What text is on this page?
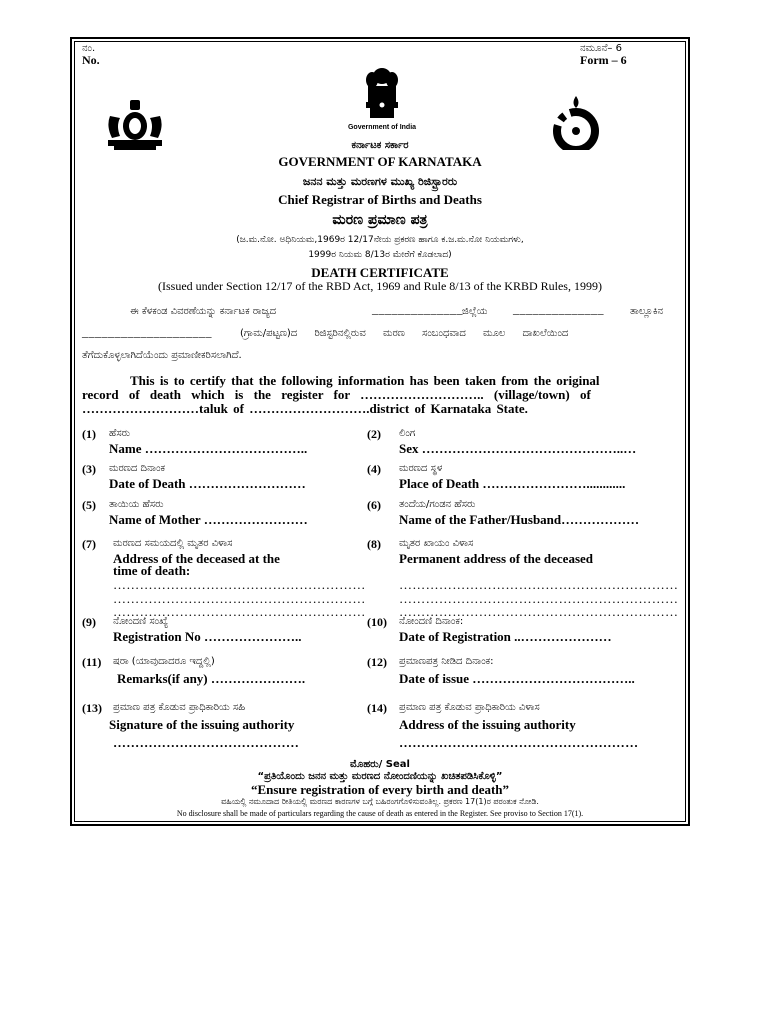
ನಂ.
No.
ನಮೂನೆ– 6
Form – 6
Government of India
ಕರ್ನಾಟಕ ಸರ್ಕಾರ
GOVERNMENT OF KARNATAKA
ಜನನ ಮತ್ತು ಮರಣಗಳ ಮುಖ್ಯ ರಿಜಿಸ್ಟ್ರಾರರು
Chief Registrar of Births and Deaths
ಮರಣ ಪ್ರಮಾಣ ಪತ್ರ
(ಜ.ಮ.ನೋ. ಅಧಿನಿಯಮ,1969ರ 12/17ನೇಯ ಪ್ರಕರಣ ಹಾಗೂ ಕ.ಜ.ಮ.ನೋ ನಿಯಮಗಳು,
1999ರ ನಿಯಮ 8/13ರ ಮೇರೆಗೆ ಕೊಡಲಾದ)
DEATH CERTIFICATE
(Issued under Section 12/17 of the RBD Act, 1969 and Rule 8/13 of the KRBD Rules, 1999)
ಈ ಕೆಳಕಂಡ ವಿವರಣೆಯನ್ನು ಕರ್ನಾಟಕ ರಾಜ್ಯದ	______________ ಜಿಲ್ಲೆಯ ______________	ತಾಲ್ಲೂಕಿನ
____________________	(ಗ್ರಾಮ/ಪಟ್ಟಣ)ದ ರಿಜಿಸ್ಟರಿನಲ್ಲಿರುವ ಮರಣ ಸಂಬಂಧವಾದ ಮೂಲ ದಾಖಲೆಯಿಂದ
ತೆಗೆದುಕೊಳ್ಳಲಾಗಿದೆಯೆಂದು ಪ್ರಮಾಣೀಕರಿಸಲಾಗಿದೆ.
This is to certify that the following information has been taken from the original
record of death which is the register for ……………………….. (village/town) of
………………………taluk of ……………………….district of Karnataka State.
(1) ಹೆಸರು
Name ………………………………..
(2) ಲಿಂಗ
Sex ………………………………………..…
(3) ಮರಣದ ದಿನಾಂಕ
Date of Death ………………………
(4) ಮರಣದ ಸ್ಥಳ
Place of Death ……………………............
(5) ತಾಯಿಯ ಹೆಸರು
Name of Mother ……………………
(6) ತಂದೆಯ/ಗಂಡನ ಹೆಸರು
Name of the Father/Husband………………
(7) ಮರಣದ ಸಮಯದಲ್ಲಿ ಮೃತರ ವಿಳಾಸ
Address of the deceased at the
time of death:
(8) ಮೃತರ ಖಾಯಂ ವಿಳಾಸ
Permanent address of the deceased
…………………………………………………
…………………………………………………
…………………………………………………
………………………………………………………
………………………………………………………
………………………………………………………
(9) ನೋಂದಣಿ ಸಂಖ್ಯೆ
Registration No …………………..
(10) ನೋಂದಣಿ ದಿನಾಂಕ:
Date of Registration ..…………………
(11) ಷರಾ (ಯಾವುದಾದರೂ ಇದ್ದಲ್ಲಿ)
Remarks(if any) ………………….
(12) ಪ್ರಮಾಣಪತ್ರ ನೀಡಿದ ದಿನಾಂಕ:
Date of issue ………………………………..
(13) ಪ್ರಮಾಣ ಪತ್ರ ಕೊಡುವ ಪ್ರಾಧಿಕಾರಿಯ ಸಹಿ
Signature of the issuing authority
(14) ಪ್ರಮಾಣ ಪತ್ರ ಕೊಡುವ ಪ್ರಾಧಿಕಾರಿಯ ವಿಳಾಸ
Address of the issuing authority
……………………………………	………………………………………………
ಮೊಹರು/ Seal
“ಪ್ರತಿಯೊಂದು ಜನನ ಮತ್ತು ಮರಣದ ನೋಂದಣಿಯನ್ನು ಖಚಿತಪಡಿಸಿಕೊಳ್ಳಿ”
“Ensure registration of every birth and death”
ವಹಿಯಲ್ಲಿ ನಮೂದಾದ ರೀತಿಯಲ್ಲಿ ಮರಣದ ಕಾರಣಗಳ ಬಗ್ಗೆ ಬಹಿರಂಗಗೊಳಿಸುವಂತಿಲ್ಲ. ಪ್ರಕರಣ 17(1)ರ ಪರಂತುಕ ನೋಡಿ.
No disclosure shall be made of particulars regarding the cause of death as entered in the Register. See proviso to Section 17(1).
